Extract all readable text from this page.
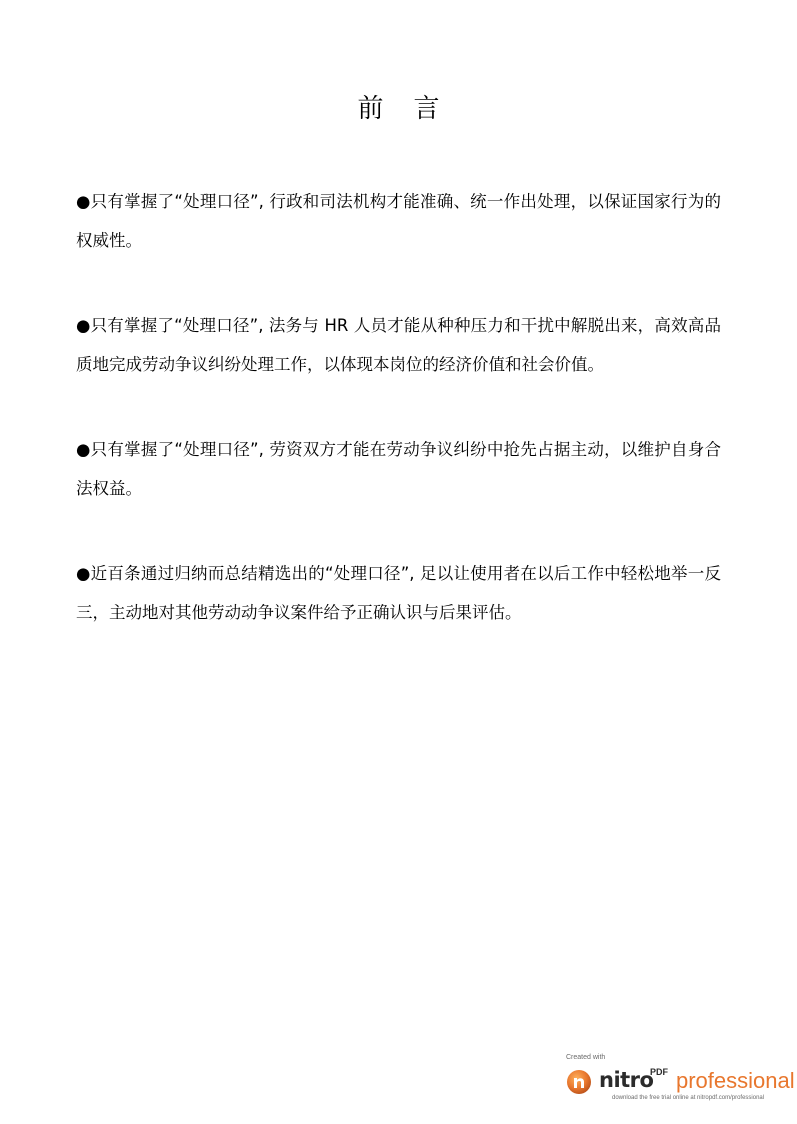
前言

●只有掌握了“处理口径”, 行政和司法机构才能准确、统一作出处理，以保证国家行为的权威性。

●只有掌握了“处理口径”, 法务与 HR 人员才能从种种压力和干扰中解脱出来，高效高品质地完成劳动争议纠纷处理工作，以体现本岗位的经济价值和社会价值。

●只有掌握了“处理口径”, 劳资双方才能在劳动争议纠纷中抢先占据主动，以维护自身合法权益。

●近百条通过归纳而总结精选出的“处理口径”, 足以让使用者在以后工作中轻松地举一反三，主动地对其他劳动动争议案件给予正确认识与后果评估。

Created with
nitro
PDF professional
download the free trial online at nitropdf.com/professional
